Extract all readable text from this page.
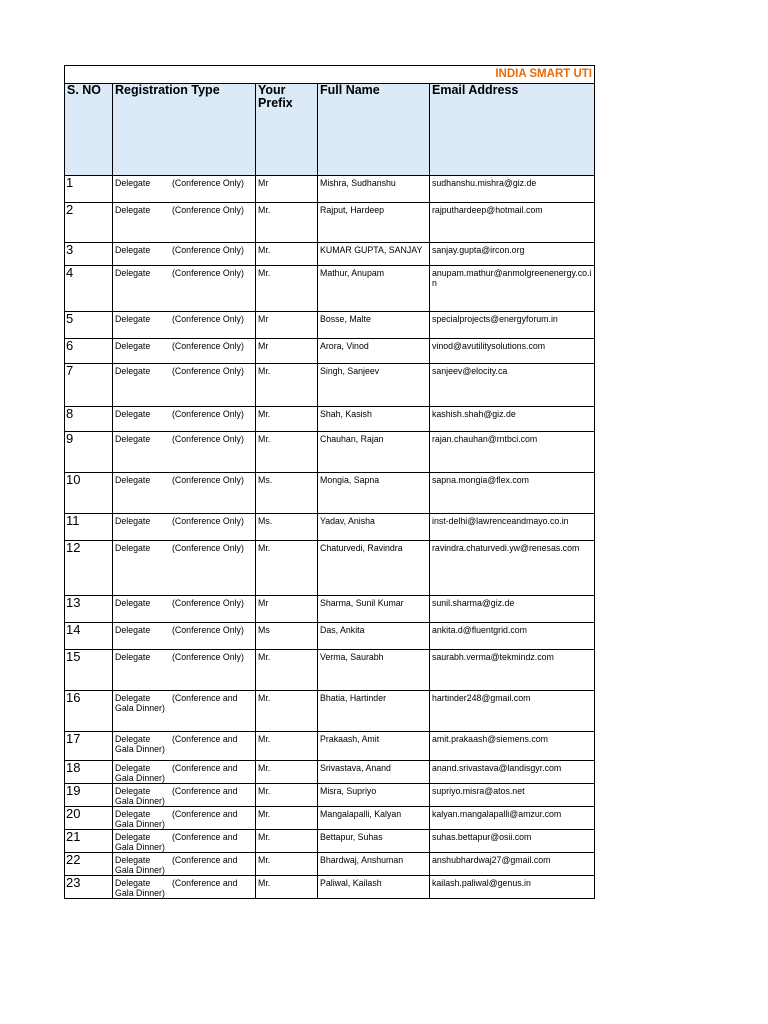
INDIA SMART UTI				

S. NO	Registration Type	Your Prefix	Full Name	Email Address

1	Delegate (Conference Only)	Mr	Mishra, Sudhanshu	sudhanshu.mishra@giz.de
2	Delegate (Conference Only)	Mr.	Rajput, Hardeep	rajputhardeep@hotmail.com
3	Delegate (Conference Only)	Mr.	KUMAR GUPTA, SANJAY	sanjay.gupta@ircon.org
4	Delegate (Conference Only)	Mr.	Mathur, Anupam	anupam.mathur@anmolgreenenergy.co.in
5	Delegate (Conference Only)	Mr	Bosse, Malte	specialprojects@energyforum.in
6	Delegate (Conference Only)	Mr	Arora, Vinod	vinod@avutilitysolutions.com
7	Delegate (Conference Only)	Mr.	Singh, Sanjeev	sanjeev@elocity.ca
8	Delegate (Conference Only)	Mr.	Shah, Kasish	kashish.shah@giz.de
9	Delegate (Conference Only)	Mr.	Chauhan, Rajan	rajan.chauhan@rntbci.com
10	Delegate (Conference Only)	Ms.	Mongia, Sapna	sapna.mongia@flex.com
11	Delegate (Conference Only)	Ms.	Yadav, Anisha	inst-delhi@lawrenceandmayo.co.in
12	Delegate (Conference Only)	Mr.	Chaturvedi, Ravindra	ravindra.chaturvedi.yw@renesas.com
13	Delegate (Conference Only)	Mr	Sharma, Sunil Kumar	sunil.sharma@giz.de
14	Delegate (Conference Only)	Ms	Das, Ankita	ankita.d@fluentgrid.com
15	Delegate (Conference Only)	Mr.	Verma, Saurabh	saurabh.verma@tekmindz.com
16	Delegate (Conference and
Gala Dinner)	Mr.	Bhatia, Hartinder	hartinder248@gmail.com
17	Delegate (Conference and
Gala Dinner)	Mr.	Prakaash, Amit	amit.prakaash@siemens.com
18	Delegate (Conference and
Gala Dinner)	Mr.	Srivastava, Anand	anand.srivastava@landisgyr.com
19	Delegate (Conference and
Gala Dinner)	Mr.	Misra, Supriyo	supriyo.misra@atos.net
20	Delegate (Conference and
Gala Dinner)	Mr.	Mangalapalli, Kalyan	kalyan.mangalapalli@amzur.com
21	Delegate (Conference and
Gala Dinner)	Mr.	Bettapur, Suhas	suhas.bettapur@osii.com
22	Delegate (Conference and
Gala Dinner)	Mr.	Bhardwaj, Anshuman	anshubhardwaj27@gmail.com
23	Delegate (Conference and
Gala Dinner)	Mr.	Paliwal, Kailash	kailash.paliwal@genus.in
